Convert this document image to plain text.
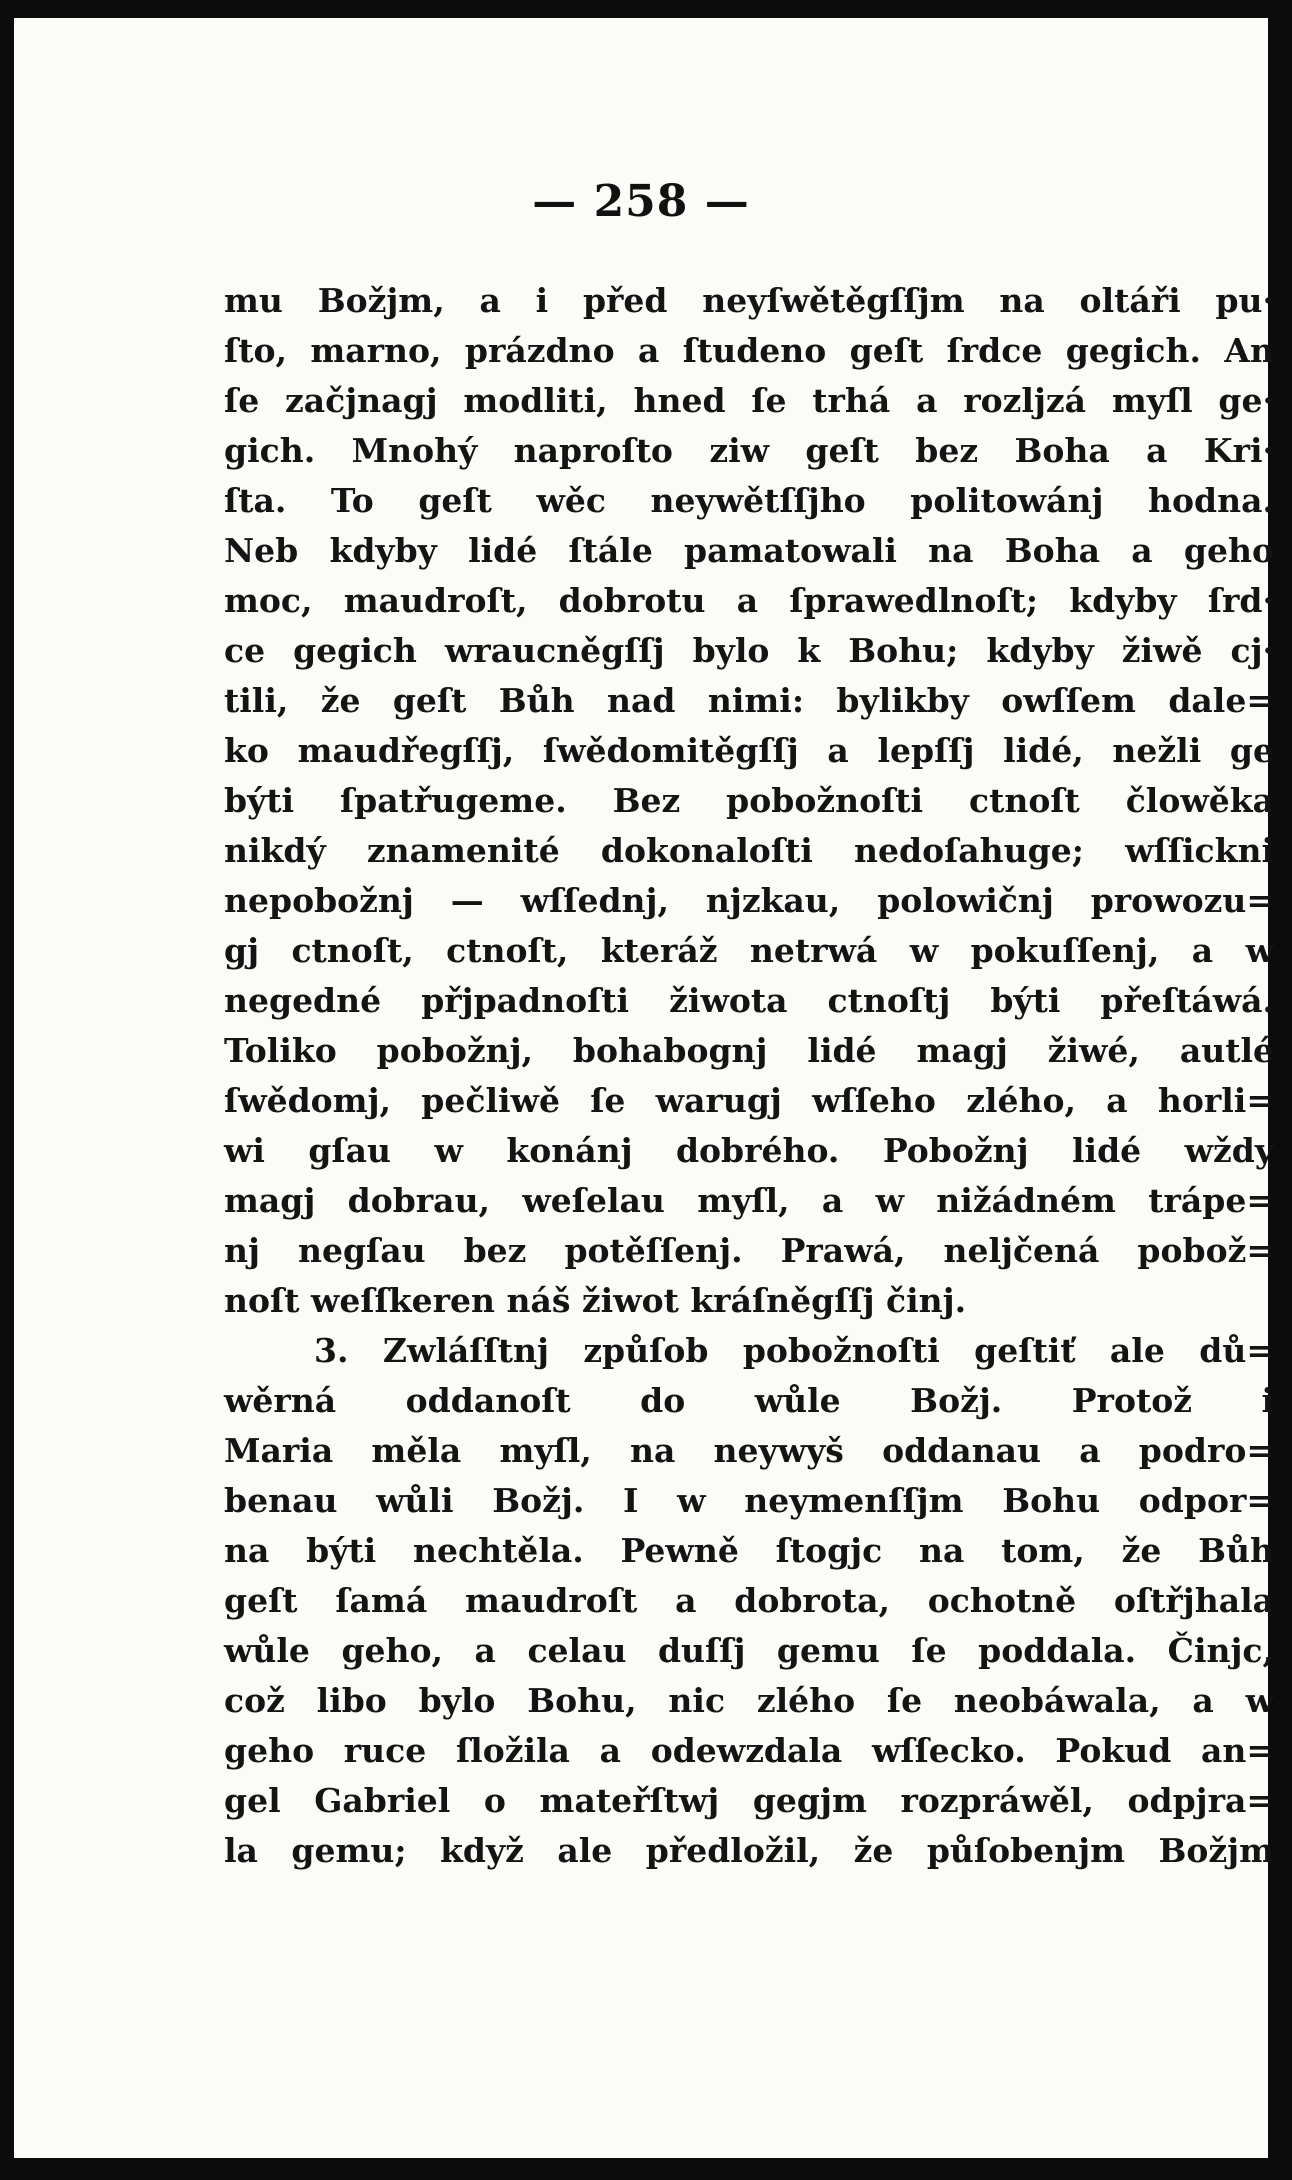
— 258 —
mu Božjm, a i před neyſwětěgſſjm na oltáři pu·
ſto, marno, prázdno a ſtudeno geſt ſrdce gegich. An
ſe začjnagj modliti, hned ſe trhá a rozljzá myſl ge·
gich. Mnohý naproſto ziw geſt bez Boha a Kri·
ſta. To geſt wěc neywětſſjho politowánj hodna.
Neb kdyby lidé ſtále pamatowali na Boha a geho
moc, maudroſt, dobrotu a ſprawedlnoſt; kdyby ſrd·
ce gegich wraucněgſſj bylo k Bohu; kdyby žiwě cj·
tili, že geſt Bůh nad nimi: bylikby owſſem dale=
ko maudřegſſj, ſwědomitěgſſj a lepſſj lidé, nežli ge
býti ſpatřugeme. Bez pobožnoſti ctnoſt člowěka
nikdý znamenité dokonaloſti nedoſahuge; wſſickni
nepobožnj — wſſednj, njzkau, polowičnj prowozu=
gj ctnoſt, ctnoſt, kteráž netrwá w pokuſſenj, a w
negedné přjpadnoſti žiwota ctnoſtj býti přeſtáwá.
Toliko pobožnj, bohabognj lidé magj žiwé, autlé
ſwědomj, pečliwě ſe warugj wſſeho zlého, a horli=
wi gſau w konánj dobrého. Pobožnj lidé wždy
magj dobrau, weſelau myſl, a w nižádném trápe=
nj negſau bez potěſſenj. Prawá, neljčená pobož=
noſt weſſkeren náš žiwot kráſněgſſj činj.
3. Zwláſſtnj způſob pobožnoſti geſtiť ale dů=
wěrná oddanoſt do wůle Božj. Protož i
Maria měla myſl, na neywyš oddanau a podro=
benau wůli Božj. I w neymenſſjm Bohu odpor=
na býti nechtěla. Pewně ſtogjc na tom, že Bůh
geſt ſamá maudroſt a dobrota, ochotně oſtřjhala
wůle geho, a celau duſſj gemu ſe poddala. Činjc,
což libo bylo Bohu, nic zlého ſe neobáwala, a w
geho ruce ſložila a odewzdala wſſecko. Pokud an=
gel Gabriel o mateřſtwj gegjm rozpráwěl, odpjra=
la gemu; když ale předložil, že půſobenjm Božjm
